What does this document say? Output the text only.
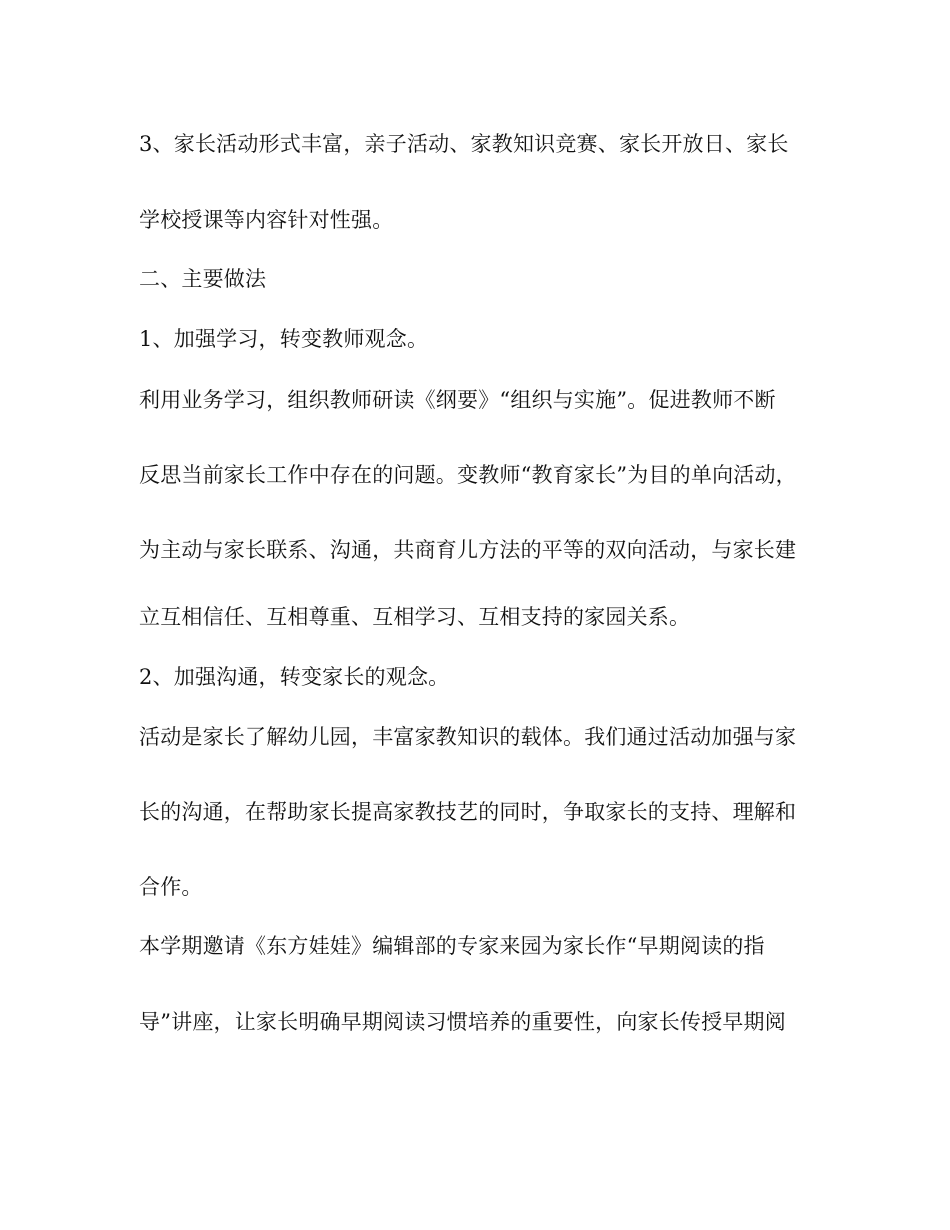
3、家长活动形式丰富，亲子活动、家教知识竞赛、家长开放日、家长
学校授课等内容针对性强。
二、主要做法
1、加强学习，转变教师观念。
利用业务学习，组织教师研读《纲要》“组织与实施”。促进教师不断
反思当前家长工作中存在的问题。变教师“教育家长”为目的单向活动，
为主动与家长联系、沟通，共商育儿方法的平等的双向活动，与家长建
立互相信任、互相尊重、互相学习、互相支持的家园关系。
2、加强沟通，转变家长的观念。
活动是家长了解幼儿园，丰富家教知识的载体。我们通过活动加强与家
长的沟通，在帮助家长提高家教技艺的同时，争取家长的支持、理解和
合作。
本学期邀请《东方娃娃》编辑部的专家来园为家长作“早期阅读的指
导”讲座，让家长明确早期阅读习惯培养的重要性，向家长传授早期阅
